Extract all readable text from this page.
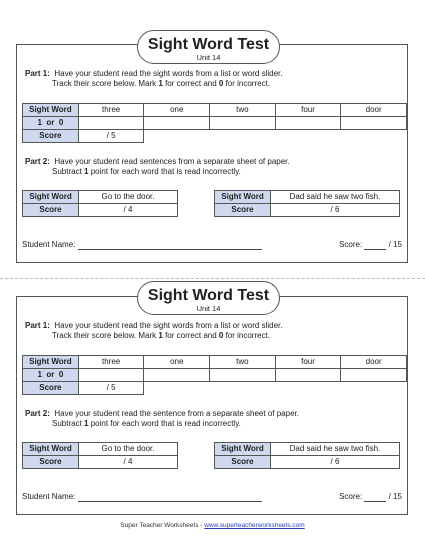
Part 1: Have your student read the sight words from a list or word slider.
Track their score below. Mark 1 for correct and 0 for incorrect.
Sight Word	three	one	two	four	door
1  or  0					
Score	/ 5				
Part 2: Have your student read sentences from a separate sheet of paper.
Subtract 1 point for each word that is read incorrectly.
Sight Word	Go to the door.
Score	/ 4
Sight Word	Dad said he saw two fish.
Score	/ 6
Student Name:	Score:	/ 15
Sight Word Test
Unit 14
Part 1: Have your student read the sight words from a list or word slider.
Track their score below. Mark 1 for correct and 0 for incorrect.
Sight Word	three	one	two	four	door
1  or  0					
Score	/ 5				
Part 2: Have your student read the sentence from a separate sheet of paper.
Subtract 1 point for each word that is read incorrectly.
Sight Word	Go to the door.
Score	/ 4
Sight Word	Dad said he saw two fish.
Score	/ 6
Student Name:	Score:	/ 15
Sight Word Test
Unit 14
Super Teacher Worksheets - www.superteacherworksheets.com
